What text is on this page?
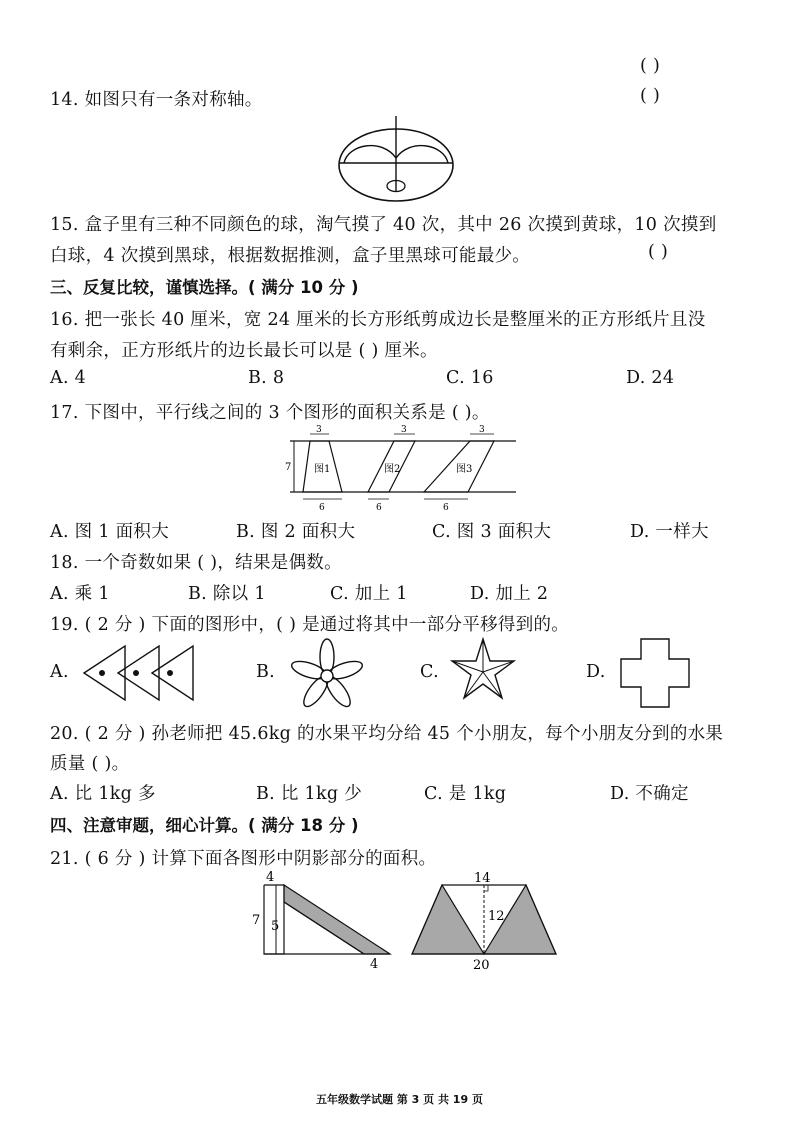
( )
14. 如图只有一条对称轴。	( )
15. 盒子里有三种不同颜色的球，淘气摸了 40 次，其中 26 次摸到黄球，10 次摸到
白球，4 次摸到黑球，根据数据推测，盒子里黑球可能最少。	( )
三、反复比较，谨慎选择。( 满分 10 分 )
16. 把一张长 40 厘米，宽 24 厘米的长方形纸剪成边长是整厘米的正方形纸片且没
有剩余，正方形纸片的边长最长可以是 ( ) 厘米。
A. 4	B. 8	C. 16	D. 24
17. 下图中，平行线之间的 3 个图形的面积关系是 ( )。
7 图1	图2	图3
3	3	3
6	6	6
A. 图 1 面积大	B. 图 2 面积大	C. 图 3 面积大	D. 一样大
18. 一个奇数如果 ( )，结果是偶数。
A. 乘 1	B. 除以 1	C. 加上 1	D. 加上 2
19. ( 2 分 ) 下面的图形中，( ) 是通过将其中一部分平移得到的。
A.	B.	C.	D.
20. ( 2 分 ) 孙老师把 45.6kg 的水果平均分给 45 个小朋友，每个小朋友分到的水果
质量 ( )。
A. 比 1kg 多	B. 比 1kg 少	C. 是 1kg	D. 不确定
四、注意审题，细心计算。( 满分 18 分 )
21. ( 6 分 ) 计算下面各图形中阴影部分的面积。
4
7 5
4
14
12
20
五年级数学试题 第 3 页 共 19 页
